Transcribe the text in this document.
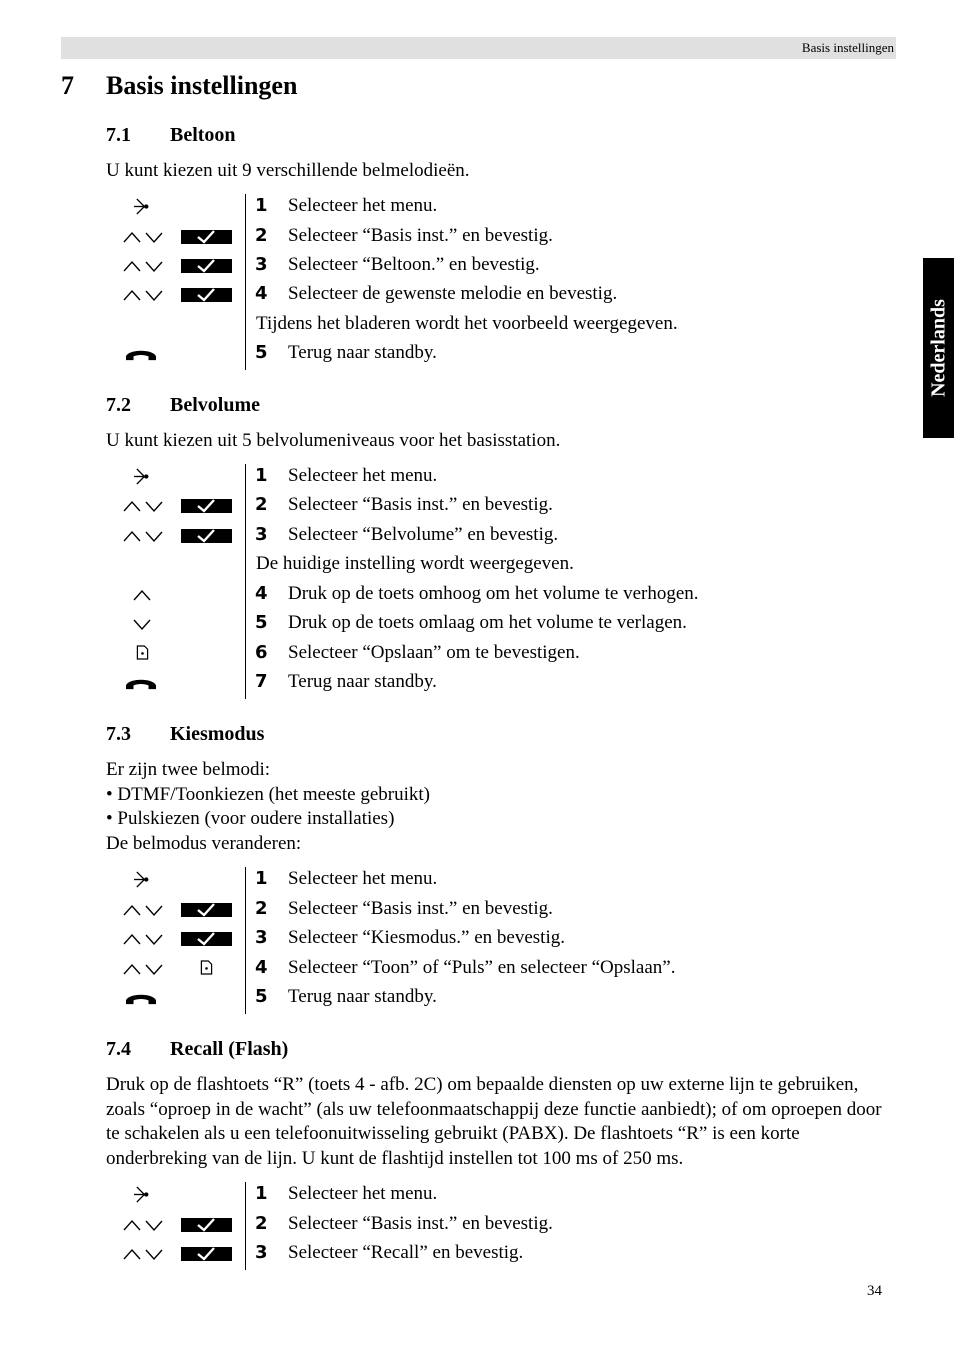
Basis instellingen
Nederlands
7 Basis instellingen
7.1 Beltoon
U kunt kiezen uit 9 verschillende belmelodieën.
1 Selecteer het menu.
2 Selecteer “Basis inst.” en bevestig.
3 Selecteer “Beltoon.” en bevestig.
4 Selecteer de gewenste melodie en bevestig.
Tijdens het bladeren wordt het voorbeeld weergegeven.
5 Terug naar standby.
7.2 Belvolume
U kunt kiezen uit 5 belvolumeniveaus voor het basisstation.
1 Selecteer het menu.
2 Selecteer “Basis inst.” en bevestig.
3 Selecteer “Belvolume” en bevestig.
De huidige instelling wordt weergegeven.
4 Druk op de toets omhoog om het volume te verhogen.
5 Druk op de toets omlaag om het volume te verlagen.
6 Selecteer “Opslaan” om te bevestigen.
7 Terug naar standby.
7.3 Kiesmodus
Er zijn twee belmodi:
• DTMF/Toonkiezen (het meeste gebruikt)
• Pulskiezen (voor oudere installaties)
De belmodus veranderen:
1 Selecteer het menu.
2 Selecteer “Basis inst.” en bevestig.
3 Selecteer “Kiesmodus.” en bevestig.
4 Selecteer “Toon” of “Puls” en selecteer “Opslaan”.
5 Terug naar standby.
7.4 Recall (Flash)
Druk op de flashtoets “R” (toets 4 - afb. 2C) om bepaalde diensten op uw externe lijn te gebruiken, zoals “oproep in de wacht” (als uw telefoonmaatschappij deze functie aanbiedt); of om oproepen door te schakelen als u een telefoonuitwisseling gebruikt (PABX). De flashtoets “R” is een korte onderbreking van de lijn. U kunt de flashtijd instellen tot 100 ms of 250 ms.
1 Selecteer het menu.
2 Selecteer “Basis inst.” en bevestig.
3 Selecteer “Recall” en bevestig.
34
